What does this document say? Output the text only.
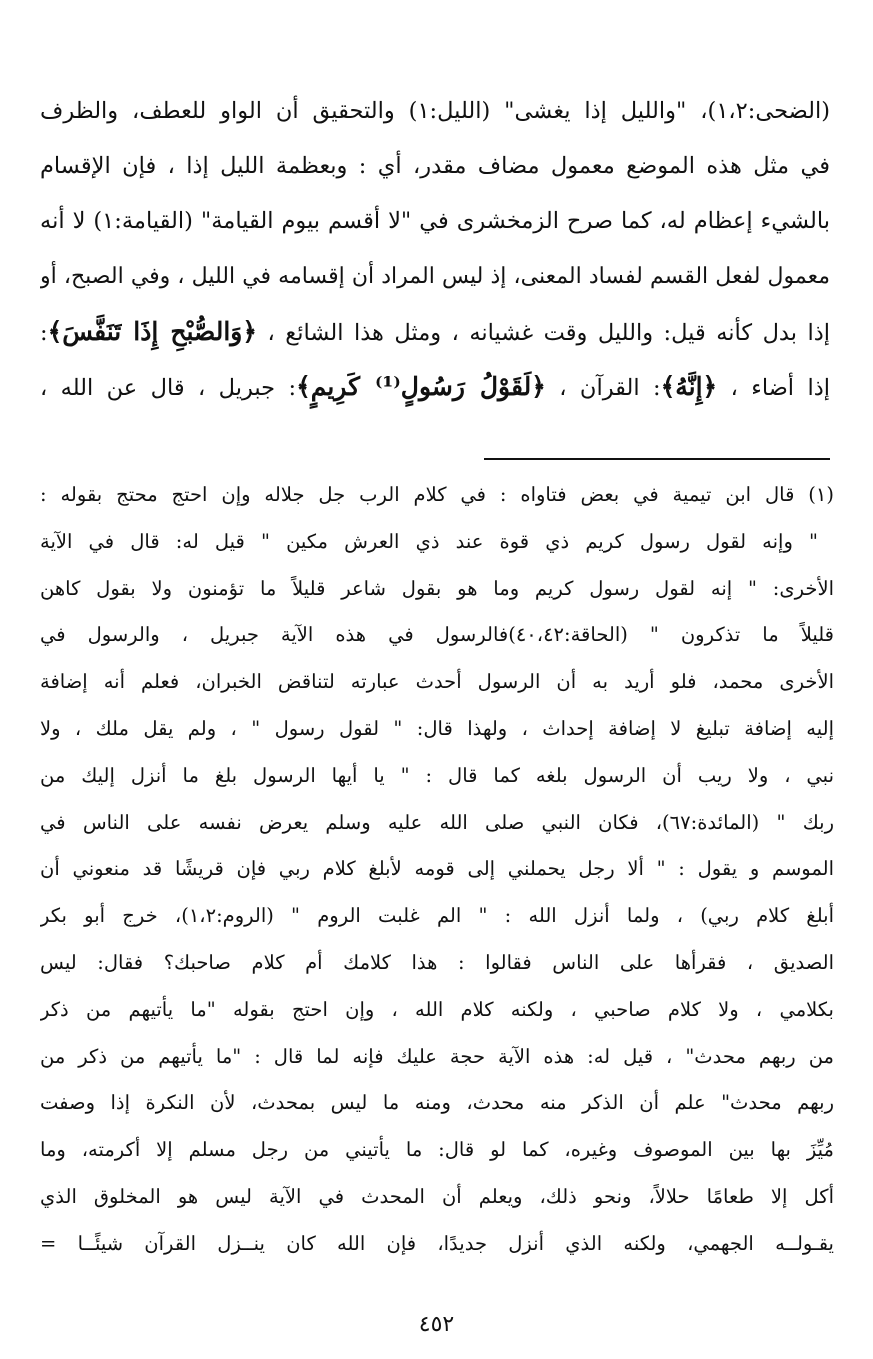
(الضحى:١،٢)، "والليل إذا يغشى" (الليل:١) والتحقيق أن الواو للعطف، والظرف
في مثل هذه الموضع معمول مضاف مقدر، أي : وبعظمة الليل إذا ، فإن الإقسام
بالشيء إعظام له، كما صرح الزمخشرى في "لا أقسم بيوم القيامة" (القيامة:١) لا أنه
معمول لفعل القسم لفساد المعنى، إذ ليس المراد أن إقسامه في الليل ، وفي الصبح، أو
إذا بدل كأنه قيل: والليل وقت غشيانه ، ومثل هذا الشائع ، ﴿وَالصُّبْحِ إِذَا تَنَفَّسَ﴾:
إذا أضاء ، ﴿إِنَّهُ﴾: القرآن ، ﴿لَقَوْلُ رَسُولٍ⁽¹⁾ كَرِيمٍ﴾: جبريل ، قال عن الله ،
(١) قال ابن تيمية في بعض فتاواه : في كلام الرب جل جلاله وإن احتج محتج بقوله :
" وإنه لقول رسول كريم ذي قوة عند ذي العرش مكين " قيل له: قال في الآية
الأخرى: " إنه لقول رسول كريم وما هو بقول شاعر قليلاً ما تؤمنون ولا بقول كاهن
قليلاً ما تذكرون " (الحاقة:٤٠،٤٢)فالرسول في هذه الآية جبريل ، والرسول في
الأخرى محمد، فلو أريد به أن الرسول أحدث عبارته لتناقض الخبران، فعلم أنه إضافة
إليه إضافة تبليغ لا إضافة إحداث ، ولهذا قال: " لقول رسول " ، ولم يقل ملك ، ولا
نبي ، ولا ريب أن الرسول بلغه كما قال : " يا أيها الرسول بلغ ما أنزل إليك من
ربك " (المائدة:٦٧)، فكان النبي صلى الله عليه وسلم يعرض نفسه على الناس في
الموسم و يقول : " ألا رجل يحملني إلى قومه لأبلغ كلام ربي فإن قريشًا قد منعوني أن
أبلغ كلام ربي) ، ولما أنزل الله : " الم غلبت الروم " (الروم:١،٢)، خرج أبو بكر
الصديق ، فقرأها على الناس فقالوا : هذا كلامك أم كلام صاحبك؟ فقال: ليس
بكلامي ، ولا كلام صاحبي ، ولكنه كلام الله ، وإن احتج بقوله "ما يأتيهم من ذكر
من ربهم محدث" ، قيل له: هذه الآية حجة عليك فإنه لما قال : "ما يأتيهم من ذكر من
ربهم محدث" علم أن الذكر منه محدث، ومنه ما ليس بمحدث، لأن النكرة إذا وصفت
مُيِّزَ بها بين الموصوف وغيره، كما لو قال: ما يأتيني من رجل مسلم إلا أكرمته، وما
أكل إلا طعامًا حلالاً، ونحو ذلك، ويعلم أن المحدث في الآية ليس هو المخلوق الذي
يقـولــه الجهمي، ولكنه الذي أنزل جديدًا، فإن الله كان ينــزل القرآن شيئًــا =
٤٥٢
